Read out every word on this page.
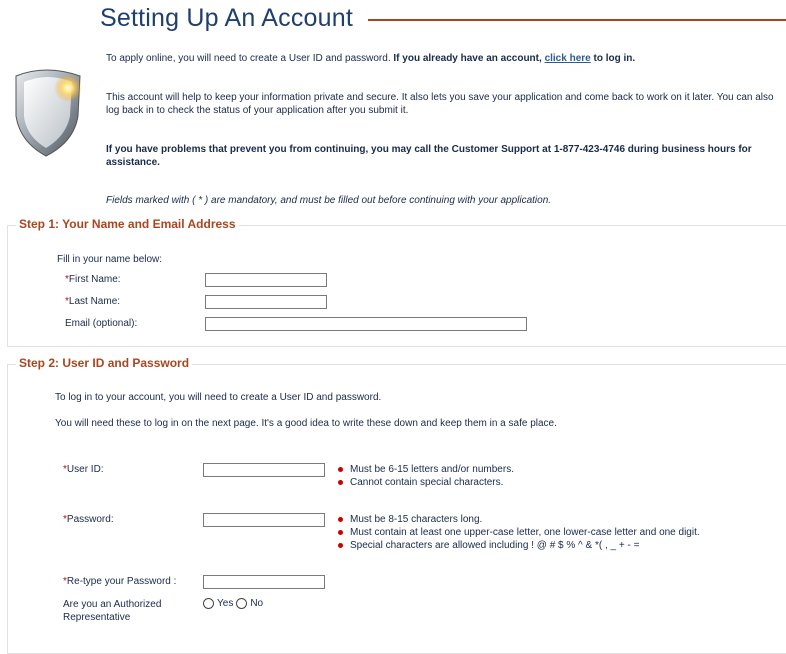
Setting Up An Account
To apply online, you will need to create a User ID and password. If you already have an account, click here to log in.
This account will help to keep your information private and secure. It also lets you save your application and come back to work on it later. You can also log back in to check the status of your application after you submit it.
If you have problems that prevent you from continuing, you may call the Customer Support at 1-877-423-4746 during business hours for assistance.
Fields marked with ( * ) are mandatory, and must be filled out before continuing with your application.
Step 1: Your Name and Email Address
Fill in your name below:
*First Name:
*Last Name:
Email (optional):
Step 2: User ID and Password
To log in to your account, you will need to create a User ID and password.
You will need these to log in on the next page. It's a good idea to write these down and keep them in a safe place.
*User ID:	Must be 6-15 letters and/or numbers.
Cannot contain special characters.
*Password:	Must be 8-15 characters long.
Must contain at least one upper-case letter, one lower-case letter and one digit.
Special characters are allowed including ! @ # $ % ^ & *( , _ + - =
*Re-type your Password :
Are you an Authorized
Representative
Yes No
